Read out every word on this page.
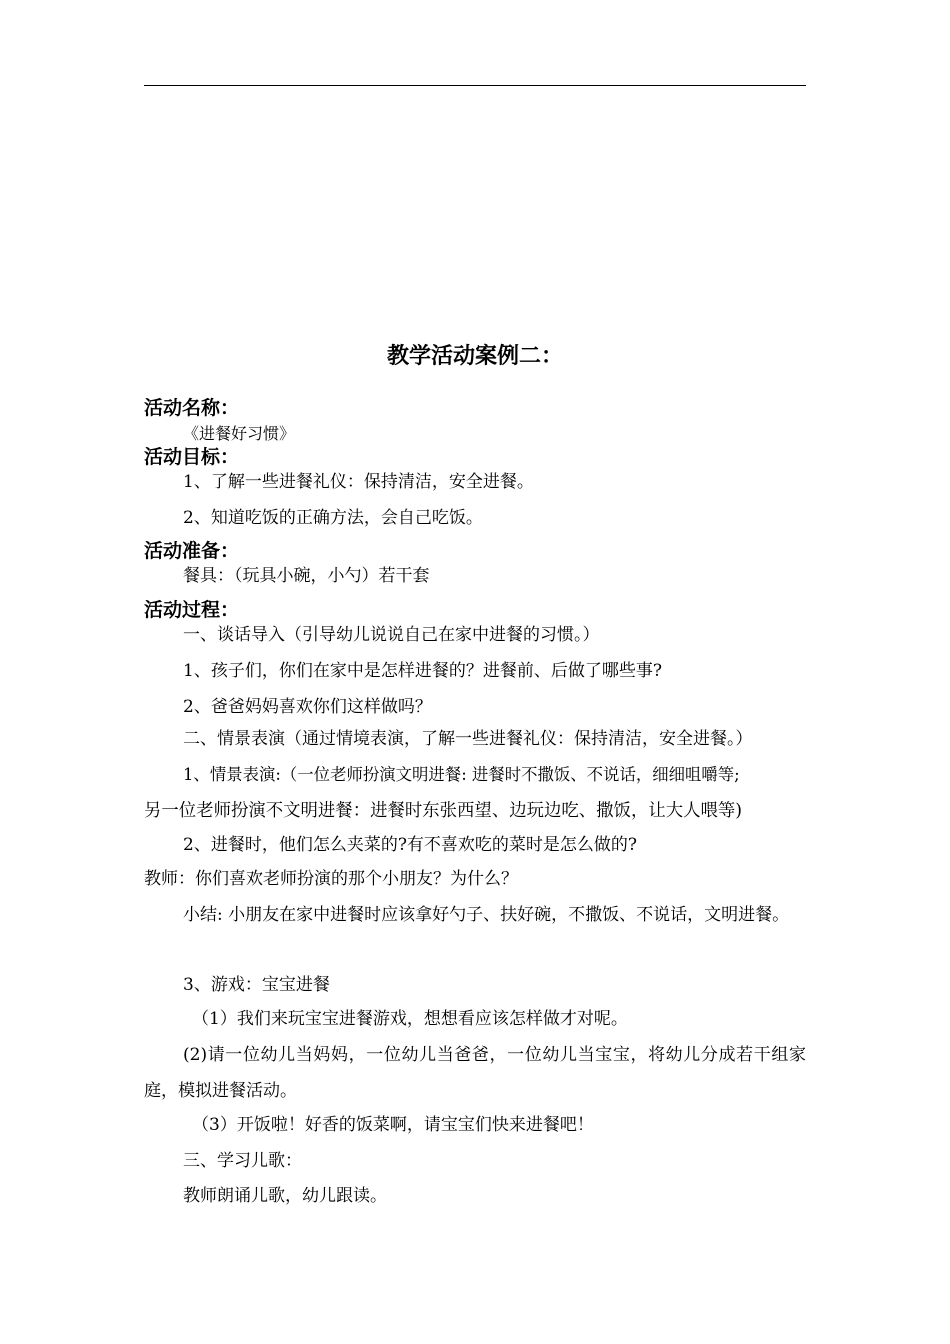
教学活动案例二：
活动名称：

《进餐好习惯》

活动目标：

1、了解一些进餐礼仪：保持清洁，安全进餐。

2、知道吃饭的正确方法，会自己吃饭。

活动准备：

餐具：（玩具小碗，小勺）若干套

活动过程：

一、谈话导入（引导幼儿说说自己在家中进餐的习惯。）

1、孩子们，你们在家中是怎样进餐的？进餐前、后做了哪些事?

2、爸爸妈妈喜欢你们这样做吗？

二、情景表演（通过情境表演，了解一些进餐礼仪：保持清洁，安全进餐。）

1、情景表演:（一位老师扮演文明进餐: 进餐时不撒饭、不说话，细细咀嚼等;

另一位老师扮演不文明进餐：进餐时东张西望、边玩边吃、撒饭，让大人喂等)

2、进餐时，他们怎么夹菜的?有不喜欢吃的菜时是怎么做的?

教师：你们喜欢老师扮演的那个小朋友？为什么？

小结: 小朋友在家中进餐时应该拿好勺子、扶好碗，不撒饭、不说话，文明进餐。

3、游戏：宝宝进餐

（1）我们来玩宝宝进餐游戏，想想看应该怎样做才对呢。

(2)请一位幼儿当妈妈，一位幼儿当爸爸，一位幼儿当宝宝，将幼儿分成若干组家庭，模拟进餐活动。

（3）开饭啦！好香的饭菜啊，请宝宝们快来进餐吧！

三、学习儿歌：

教师朗诵儿歌，幼儿跟读。
